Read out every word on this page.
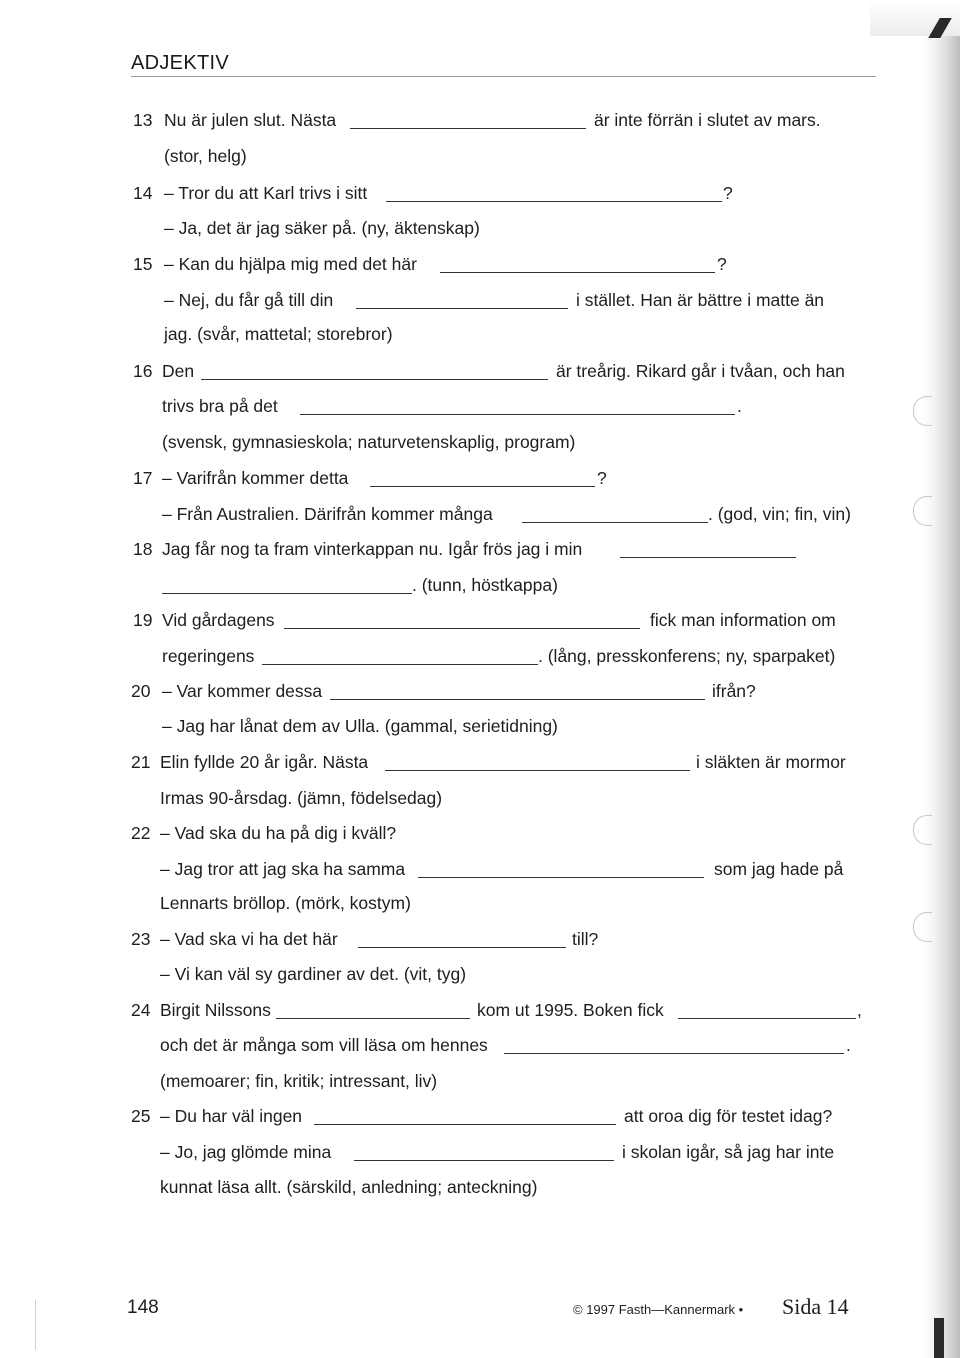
ADJEKTIV
13 Nu är julen slut. Nästa	är inte förrän i slutet av mars.
(stor, helg)
14 – Tror du att Karl trivs i sitt	?
– Ja, det är jag säker på. (ny, äktenskap)
15 – Kan du hjälpa mig med det här	?
– Nej, du får gå till din	i stället. Han är bättre i matte än
jag. (svår, mattetal; storebror)
16 Den	är treårig. Rikard går i tvåan, och han
trivs bra på det	.
(svensk, gymnasieskola; naturvetenskaplig, program)
17 – Varifrån kommer detta	?
– Från Australien. Därifrån kommer många	. (god, vin; fin, vin)
18 Jag får nog ta fram vinterkappan nu. Igår frös jag i min
. (tunn, höstkappa)
19 Vid gårdagens	fick man information om
regeringens	. (lång, presskonferens; ny, sparpaket)
20 – Var kommer dessa	ifrån?
– Jag har lånat dem av Ulla. (gammal, serietidning)
21 Elin fyllde 20 år igår. Nästa	i släkten är mormor
Irmas 90-årsdag. (jämn, födelsedag)
22 – Vad ska du ha på dig i kväll?
– Jag tror att jag ska ha samma	som jag hade på
Lennarts bröllop. (mörk, kostym)
23 – Vad ska vi ha det här	till?
– Vi kan väl sy gardiner av det. (vit, tyg)
24 Birgit Nilssons	kom ut 1995. Boken fick	,
och det är många som vill läsa om hennes	.
(memoarer; fin, kritik; intressant, liv)
25 – Du har väl ingen	att oroa dig för testet idag?
– Jo, jag glömde mina	i skolan igår, så jag har inte
kunnat läsa allt. (särskild, anledning; anteckning)
148	© 1997 Fasth—Kannermark • Sida 14
